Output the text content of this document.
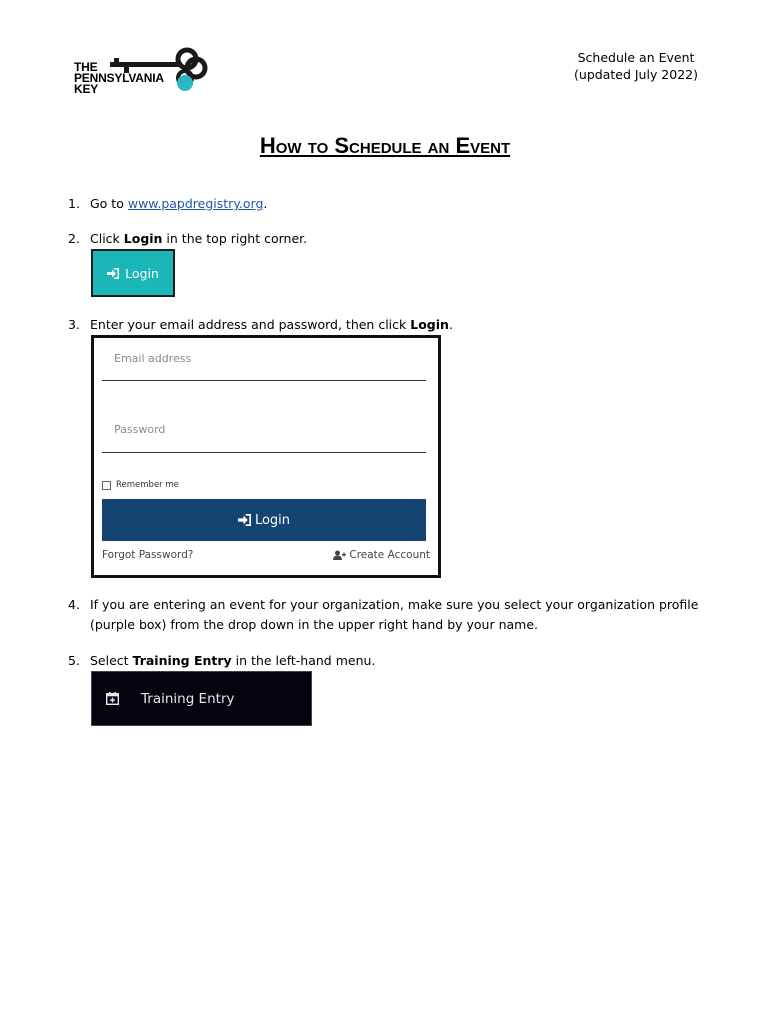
THE
PENNSYLVANIA
KEY
Schedule an Event
(updated July 2022)
How to Schedule an Event
1. Go to www.papdregistry.org.
2. Click Login in the top right corner.
Login
3. Enter your email address and password, then click Login.
Email address
Password
Remember me
Login
Forgot Password?	Create Account
4. If you are entering an event for your organization, make sure you select your organization profile (purple box) from the drop down in the upper right hand by your name.
5. Select Training Entry in the left-hand menu.
Training Entry
